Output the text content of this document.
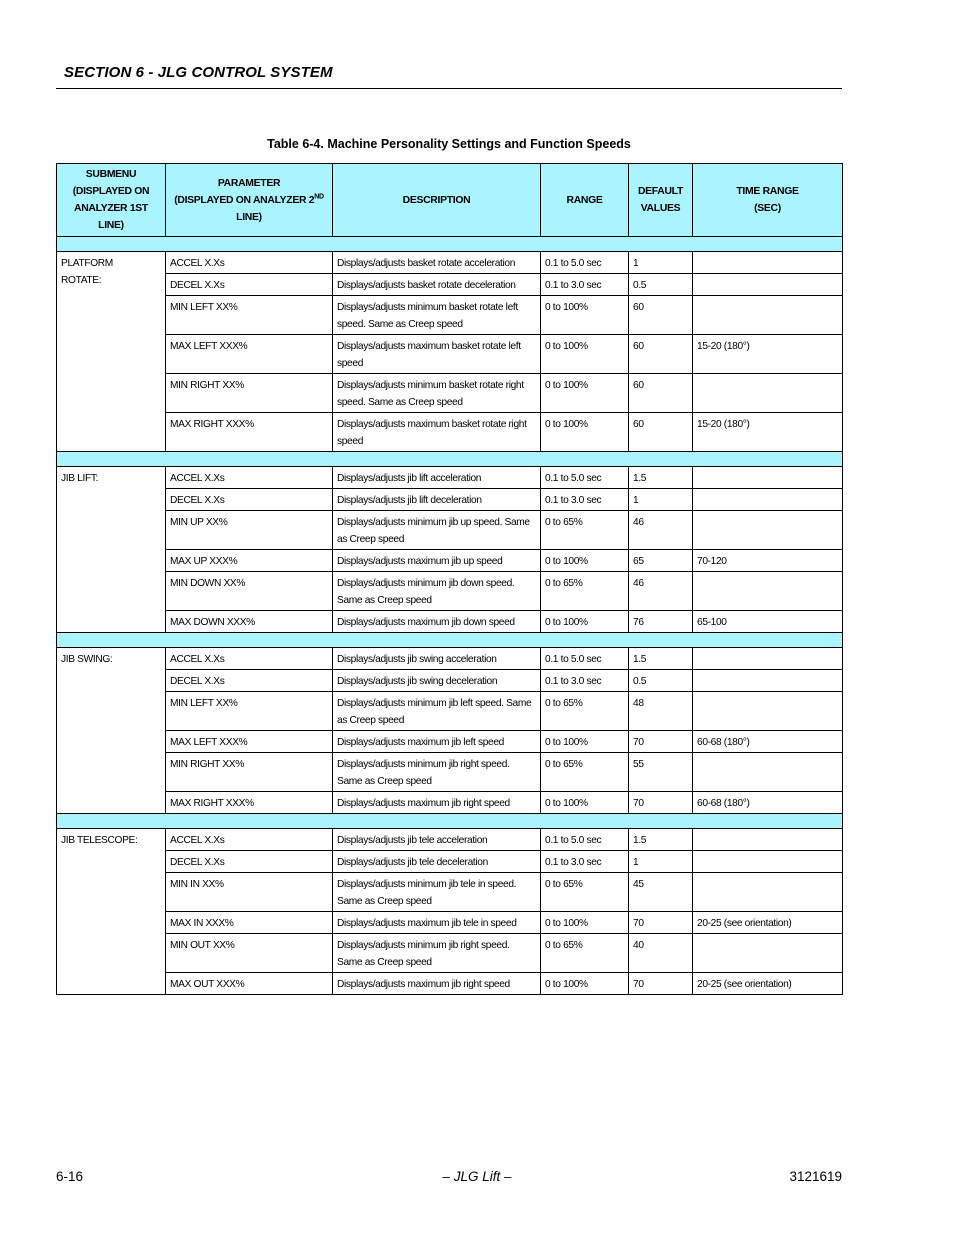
SECTION 6 - JLG CONTROL SYSTEM
Table 6-4. Machine Personality Settings and Function Speeds
SUBMENU
(DISPLAYED ON
ANALYZER 1ST LINE)	PARAMETER
(DISPLAYED ON ANALYZER 2ND
LINE)	DESCRIPTION	RANGE	DEFAULT
VALUES	TIME RANGE
(SEC)

PLATFORM
ROTATE:	ACCEL X.Xs	Displays/adjusts basket rotate acceleration	0.1 to 5.0 sec	1	
	DECEL X.Xs	Displays/adjusts basket rotate deceleration	0.1 to 3.0 sec	0.5	
	MIN LEFT XX%	Displays/adjusts minimum basket rotate left speed. Same as Creep speed	0 to 100%	60	
	MAX LEFT XXX%	Displays/adjusts maximum basket rotate left speed	0 to 100%	60	15-20 (180°)
	MIN RIGHT XX%	Displays/adjusts minimum basket rotate right speed. Same as Creep speed	0 to 100%	60	
	MAX RIGHT XXX%	Displays/adjusts maximum basket rotate right speed	0 to 100%	60	15-20 (180°)

JIB LIFT:	ACCEL X.Xs	Displays/adjusts jib lift acceleration	0.1 to 5.0 sec	1.5	
	DECEL X.Xs	Displays/adjusts jib lift deceleration	0.1 to 3.0 sec	1	
	MIN UP XX%	Displays/adjusts minimum jib up speed. Same as Creep speed	0 to 65%	46	
	MAX UP XXX%	Displays/adjusts maximum jib up speed	0 to 100%	65	70-120
	MIN DOWN XX%	Displays/adjusts minimum jib down speed. Same as Creep speed	0 to 65%	46	
	MAX DOWN XXX%	Displays/adjusts maximum jib down speed	0 to 100%	76	65-100

JIB SWING:	ACCEL X.Xs	Displays/adjusts jib swing acceleration	0.1 to 5.0 sec	1.5	
	DECEL X.Xs	Displays/adjusts jib swing deceleration	0.1 to 3.0 sec	0.5	
	MIN LEFT XX%	Displays/adjusts minimum jib left speed. Same as Creep speed	0 to 65%	48	
	MAX LEFT XXX%	Displays/adjusts maximum jib left speed	0 to 100%	70	60-68 (180°)
	MIN RIGHT XX%	Displays/adjusts minimum jib right speed. Same as Creep speed	0 to 65%	55	
	MAX RIGHT XXX%	Displays/adjusts maximum jib right speed	0 to 100%	70	60-68 (180°)

JIB TELESCOPE:	ACCEL X.Xs	Displays/adjusts jib tele acceleration	0.1 to 5.0 sec	1.5	
	DECEL X.Xs	Displays/adjusts jib tele deceleration	0.1 to 3.0 sec	1	
	MIN IN XX%	Displays/adjusts minimum jib tele in speed. Same as Creep speed	0 to 65%	45	
	MAX IN XXX%	Displays/adjusts maximum jib tele in speed	0 to 100%	70	20-25 (see orientation)
	MIN OUT XX%	Displays/adjusts minimum jib right speed. Same as Creep speed	0 to 65%	40	
	MAX OUT XXX%	Displays/adjusts maximum jib right speed	0 to 100%	70	20-25 (see orientation)
6-16	– JLG Lift –	3121619
